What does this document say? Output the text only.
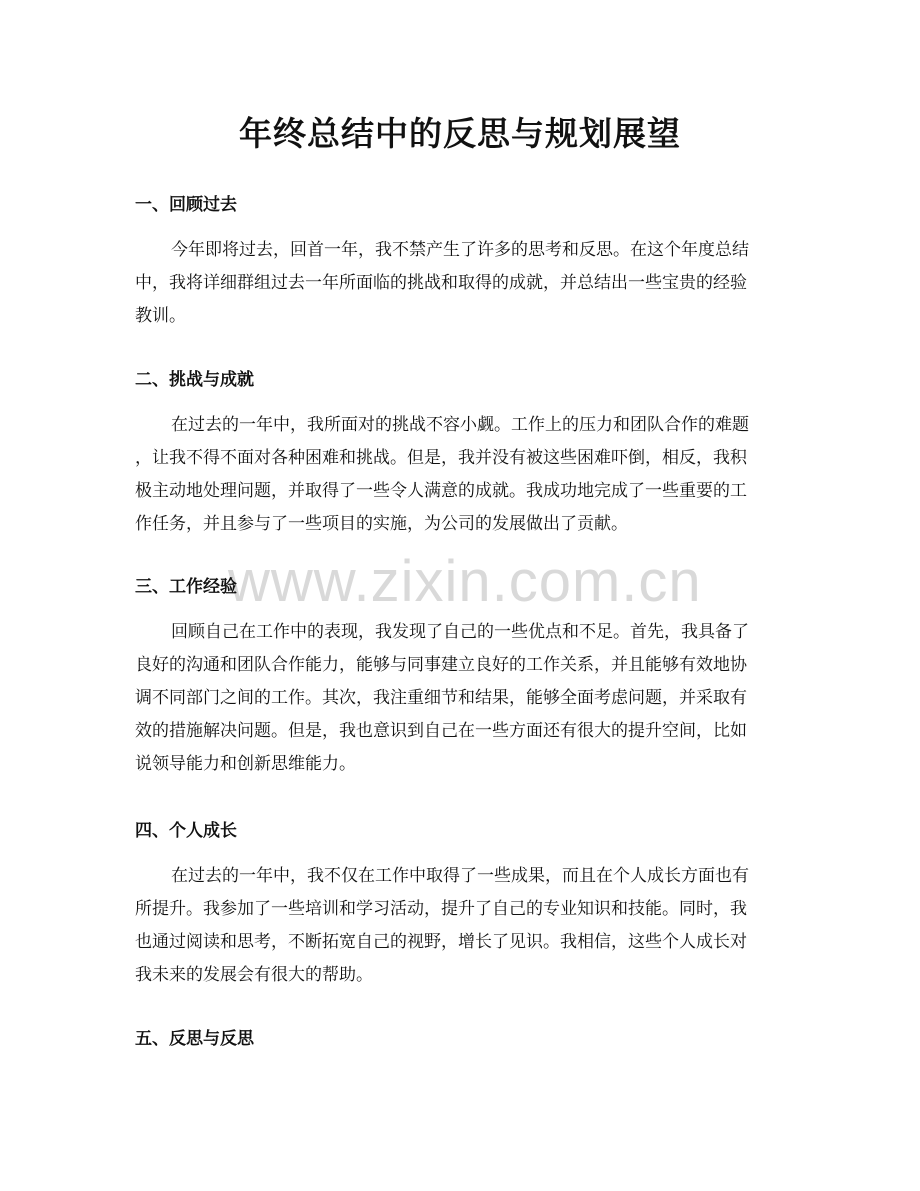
www.zixin.com.cn
年终总结中的反思与规划展望
一、回顾过去
今年即将过去，回首一年，我不禁产生了许多的思考和反思。在这个年度总结
中，我将详细群组过去一年所面临的挑战和取得的成就，并总结出一些宝贵的经验
教训。
二、挑战与成就
在过去的一年中，我所面对的挑战不容小觑。工作上的压力和团队合作的难题
，让我不得不面对各种困难和挑战。但是，我并没有被这些困难吓倒，相反，我积
极主动地处理问题，并取得了一些令人满意的成就。我成功地完成了一些重要的工
作任务，并且参与了一些项目的实施，为公司的发展做出了贡献。
三、工作经验
回顾自己在工作中的表现，我发现了自己的一些优点和不足。首先，我具备了
良好的沟通和团队合作能力，能够与同事建立良好的工作关系，并且能够有效地协
调不同部门之间的工作。其次，我注重细节和结果，能够全面考虑问题，并采取有
效的措施解决问题。但是，我也意识到自己在一些方面还有很大的提升空间，比如
说领导能力和创新思维能力。
四、个人成长
在过去的一年中，我不仅在工作中取得了一些成果，而且在个人成长方面也有
所提升。我参加了一些培训和学习活动，提升了自己的专业知识和技能。同时，我
也通过阅读和思考，不断拓宽自己的视野，增长了见识。我相信，这些个人成长对
我未来的发展会有很大的帮助。
五、反思与反思
